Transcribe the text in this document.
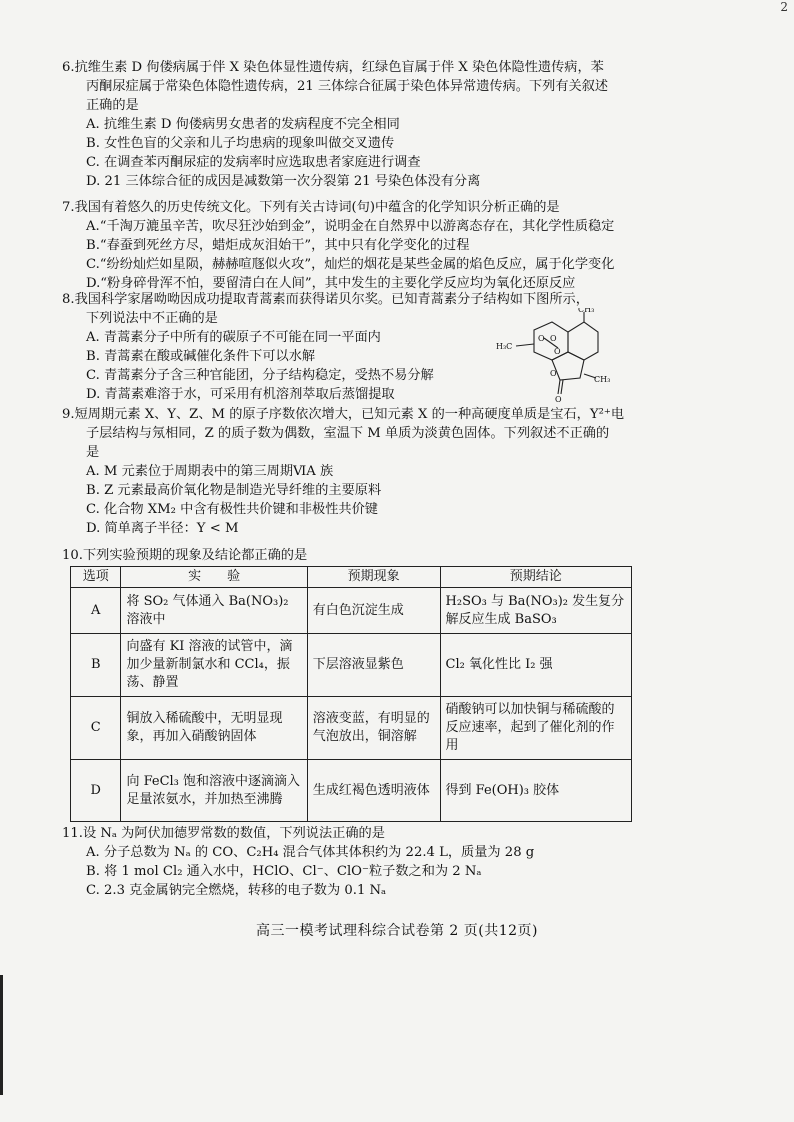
2

6.抗维生素 D 佝偻病属于伴 X 染色体显性遗传病，红绿色盲属于伴 X 染色体隐性遗传病，苯

丙酮尿症属于常染色体隐性遗传病，21 三体综合征属于染色体异常遗传病。下列有关叙述

正确的是

A. 抗维生素 D 佝偻病男女患者的发病程度不完全相同

B. 女性色盲的父亲和儿子均患病的现象叫做交叉遗传

C. 在调查苯丙酮尿症的发病率时应选取患者家庭进行调查

D. 21 三体综合征的成因是减数第一次分裂第 21 号染色体没有分离

7.我国有着悠久的历史传统文化。下列有关古诗词(句)中蕴含的化学知识分析正确的是

A.“千淘万漉虽辛苦，吹尽狂沙始到金”，说明金在自然界中以游离态存在，其化学性质稳定

B.“春蚕到死丝方尽，蜡炬成灰泪始干”，其中只有化学变化的过程

C.“纷纷灿烂如星陨，赫赫喧豗似火攻”，灿烂的烟花是某些金属的焰色反应，属于化学变化

D.“粉身碎骨浑不怕，要留清白在人间”，其中发生的主要化学反应均为氧化还原反应

8.我国科学家屠呦呦因成功提取青蒿素而获得诺贝尔奖。已知青蒿素分子结构如下图所示，

下列说法中不正确的是

A. 青蒿素分子中所有的碳原子不可能在同一平面内

B. 青蒿素在酸或碱催化条件下可以水解

C. 青蒿素分子含三种官能团，分子结构稳定，受热不易分解

D. 青蒿素难溶于水，可采用有机溶剂萃取后蒸馏提取

CH₃
H₃C
CH₃
O O
O
O
O

9.短周期元素 X、Y、Z、M 的原子序数依次增大，已知元素 X 的一种高硬度单质是宝石，Y²⁺电

子层结构与氖相同，Z 的质子数为偶数，室温下 M 单质为淡黄色固体。下列叙述不正确的

是

A. M 元素位于周期表中的第三周期ⅥA 族

B. Z 元素最高价氧化物是制造光导纤维的主要原料

C. 化合物 XM₂ 中含有极性共价键和非极性共价键

D. 简单离子半径：Y < M

10.下列实验预期的现象及结论都正确的是

选项	实　　验	预期现象	预期结论
A	将 SO₂ 气体通入 Ba(NO₃)₂ 溶液中	有白色沉淀生成	H₂SO₃ 与 Ba(NO₃)₂ 发生复分解反应生成 BaSO₃
B	向盛有 KI 溶液的试管中，滴加少量新制氯水和 CCl₄，振荡、静置	下层溶液显紫色	Cl₂ 氧化性比 I₂ 强
C	铜放入稀硫酸中，无明显现象，再加入硝酸钠固体	溶液变蓝，有明显的气泡放出，铜溶解	硝酸钠可以加快铜与稀硫酸的反应速率，起到了催化剂的作用
D	向 FeCl₃ 饱和溶液中逐滴滴入足量浓氨水，并加热至沸腾	生成红褐色透明液体	得到 Fe(OH)₃ 胶体

11.设 Nₐ 为阿伏加德罗常数的数值，下列说法正确的是

A. 分子总数为 Nₐ 的 CO、C₂H₄ 混合气体其体积约为 22.4 L，质量为 28 g

B. 将 1 mol Cl₂ 通入水中，HClO、Cl⁻、ClO⁻粒子数之和为 2 Nₐ

C. 2.3 克金属钠完全燃烧，转移的电子数为 0.1 Nₐ

高三一模考试理科综合试卷第 2 页(共12页)
